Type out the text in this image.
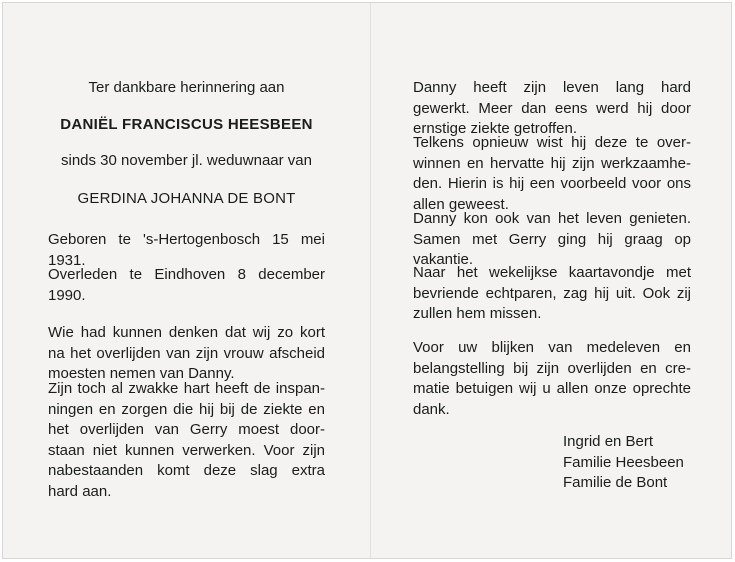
Ter dankbare herinnering aan
DANIËL FRANCISCUS HEESBEEN
sinds 30 november jl. weduwnaar van
GERDINA JOHANNA DE BONT
Geboren te 's-Hertogenbosch 15 mei
1931.
Overleden te Eindhoven 8 december
1990.
Wie had kunnen denken dat wij zo kort
na het overlijden van zijn vrouw afscheid
moesten nemen van Danny.
Zijn toch al zwakke hart heeft de inspan-
ningen en zorgen die hij bij de ziekte en
het overlijden van Gerry moest door-
staan niet kunnen verwerken. Voor zijn
nabestaanden komt deze slag extra
hard aan.
Danny heeft zijn leven lang hard
gewerkt. Meer dan eens werd hij door
ernstige ziekte getroffen.
Telkens opnieuw wist hij deze te over-
winnen en hervatte hij zijn werkzaamhe-
den. Hierin is hij een voorbeeld voor ons
allen geweest.
Danny kon ook van het leven genieten.
Samen met Gerry ging hij graag op
vakantie.
Naar het wekelijkse kaartavondje met
bevriende echtparen, zag hij uit. Ook zij
zullen hem missen.
Voor uw blijken van medeleven en
belangstelling bij zijn overlijden en cre-
matie betuigen wij u allen onze oprechte
dank.
Ingrid en Bert
Familie Heesbeen
Familie de Bont
